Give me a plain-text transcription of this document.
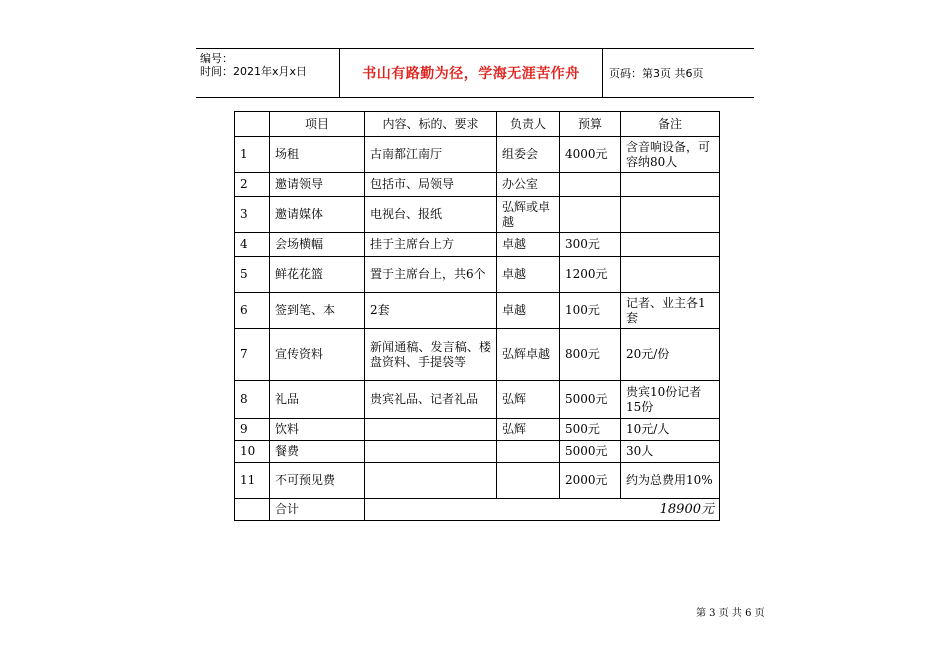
编号：
时间：2021年x月x日	书山有路勤为径，学海无涯苦作舟	页码：第3页 共6页
	项目	内容、标的、要求	负责人	预算	备注
1	场租	古南都江南厅	组委会	4000元	含音响设备，可容纳80人
2	邀请领导	包括市、局领导	办公室		
3	邀请媒体	电视台、报纸	弘辉或卓越		
4	会场横幅	挂于主席台上方	卓越	300元	
5	鲜花花篮	置于主席台上，共6个	卓越	1200元	
6	签到笔、本	2套	卓越	100元	记者、业主各1套
7	宣传资料	新闻通稿、发言稿、楼盘资料、手提袋等	弘辉卓越	800元	20元/份
8	礼品	贵宾礼品、记者礼品	弘辉	5000元	贵宾10份记者15份
9	饮料		弘辉	500元	10元/人
10	餐费			5000元	30人
11	不可预见费			2000元	约为总费用10%
	合计	18900元			
第 3 页 共 6 页
